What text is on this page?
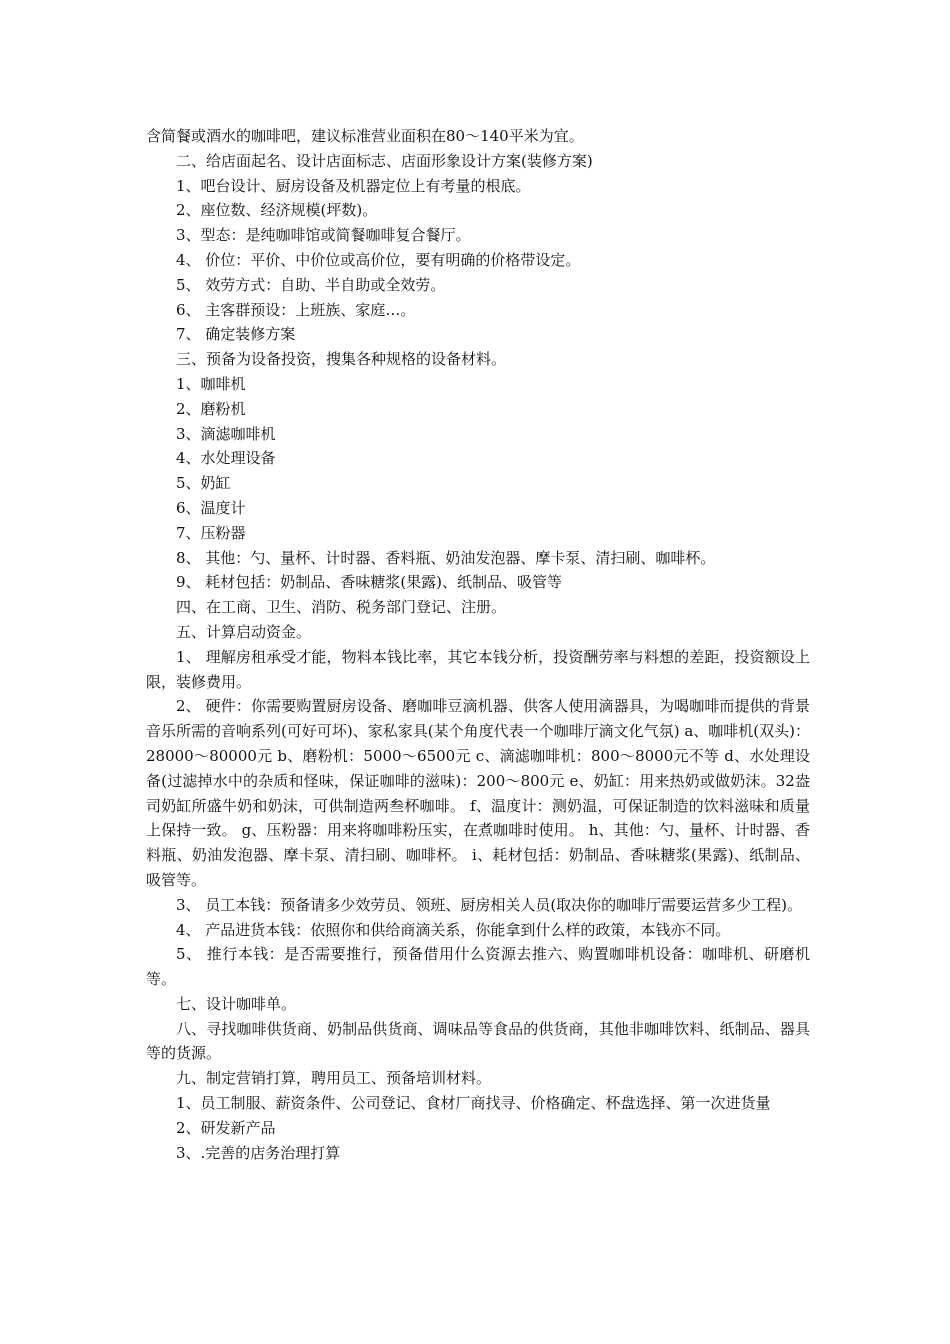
含简餐或酒水的咖啡吧，建议标准营业面积在80～140平米为宜。

二、给店面起名、设计店面标志、店面形象设计方案(装修方案)

1、吧台设计、厨房设备及机器定位上有考量的根底。

2、座位数、经济规模(坪数)。

3、型态：是纯咖啡馆或简餐咖啡复合餐厅。

4、 价位：平价、中价位或高价位，要有明确的价格带设定。

5、 效劳方式：自助、半自助或全效劳。

6、 主客群预设：上班族、家庭…。

7、 确定装修方案

三、预备为设备投资，搜集各种规格的设备材料。

1、咖啡机

2、磨粉机

3、滴滤咖啡机

4、水处理设备

5、奶缸

6、温度计

7、压粉器

8、 其他：勺、量杯、计时器、香料瓶、奶油发泡器、摩卡泵、清扫刷、咖啡杯。

9、 耗材包括：奶制品、香味糖浆(果露)、纸制品、吸管等

四、在工商、卫生、消防、税务部门登记、注册。

五、计算启动资金。

1、 理解房租承受才能，物料本钱比率，其它本钱分析，投资酬劳率与料想的差距，投资额设上限，装修费用。

2、 硬件：你需要购置厨房设备、磨咖啡豆滴机器、供客人使用滴器具，为喝咖啡而提供的背景音乐所需的音响系列(可好可坏)、家私家具(某个角度代表一个咖啡厅滴文化气氛) a、咖啡机(双头)：28000～80000元 b、磨粉机：5000～6500元 c、滴滤咖啡机：800～8000元不等 d、水处理设备(过滤掉水中的杂质和怪味，保证咖啡的滋味)：200～800元 e、奶缸：用来热奶或做奶沫。32盎司奶缸所盛牛奶和奶沫，可供制造两叁杯咖啡。 f、温度计：测奶温，可保证制造的饮料滋味和质量上保持一致。 g、压粉器：用来将咖啡粉压实，在煮咖啡时使用。 h、其他：勺、量杯、计时器、香料瓶、奶油发泡器、摩卡泵、清扫刷、咖啡杯。 i、耗材包括：奶制品、香味糖浆(果露)、纸制品、吸管等。

3、 员工本钱：预备请多少效劳员、领班、厨房相关人员(取决你的咖啡厅需要运营多少工程)。

4、 产品进货本钱：依照你和供给商滴关系，你能拿到什么样的政策，本钱亦不同。

5、 推行本钱：是否需要推行，预备借用什么资源去推六、购置咖啡机设备：咖啡机、研磨机等。

七、设计咖啡单。

八、寻找咖啡供货商、奶制品供货商、调味品等食品的供货商，其他非咖啡饮料、纸制品、器具等的货源。

九、制定营销打算，聘用员工、预备培训材料。

1、员工制服、薪资条件、公司登记、食材厂商找寻、价格确定、杯盘选择、第一次进货量

2、研发新产品

3、.完善的店务治理打算
